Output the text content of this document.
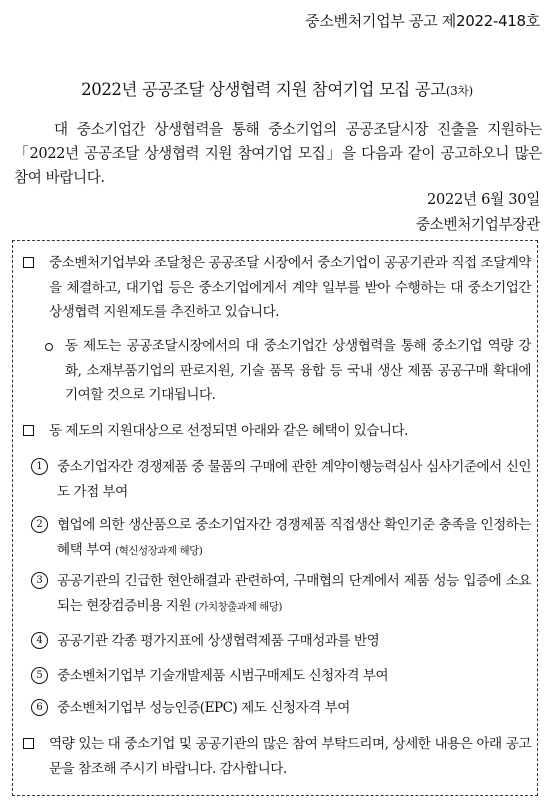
중소벤처기업부 공고 제2022-418호
2022년 공공조달 상생협력 지원 참여기업 모집 공고(3차)
대 중소기업간 상생협력을 통해 중소기업의 공공조달시장 진출을 지원하는「2022년 공공조달 상생협력 지원 참여기업 모집」을 다음과 같이 공고하오니 많은 참여 바랍니다.
2022년 6월 30일
중소벤처기업부장관
중소벤처기업부와 조달청은 공공조달 시장에서 중소기업이 공공기관과 직접 조달계약을 체결하고, 대기업 등은 중소기업에게서 계약 일부를 받아 수행하는 대 중소기업간 상생협력 지원제도를 추진하고 있습니다.
동 제도는 공공조달시장에서의 대 중소기업간 상생협력을 통해 중소기업 역량 강화, 소재부품기업의 판로지원, 기술 품목 융합 등 국내 생산 제품 공공구매 확대에 기여할 것으로 기대됩니다.
동 제도의 지원대상으로 선정되면 아래와 같은 혜택이 있습니다.
1	중소기업자간 경쟁제품 중 물품의 구매에 관한 계약이행능력심사 심사기준에서 신인도 가점 부여
2	협업에 의한 생산품으로 중소기업자간 경쟁제품 직접생산 확인기준 충족을 인정하는 혜택 부여 (혁신성장과제 해당)
3	공공기관의 긴급한 현안해결과 관련하여, 구매협의 단계에서 제품 성능 입증에 소요되는 현장검증비용 지원 (가치창출과제 해당)
4	공공기관 각종 평가지표에 상생협력제품 구매성과를 반영
5	중소벤처기업부 기술개발제품 시범구매제도 신청자격 부여
6	중소벤처기업부 성능인증(EPC) 제도 신청자격 부여
역량 있는 대 중소기업 및 공공기관의 많은 참여 부탁드리며, 상세한 내용은 아래 공고문을 참조해 주시기 바랍니다. 감사합니다.
